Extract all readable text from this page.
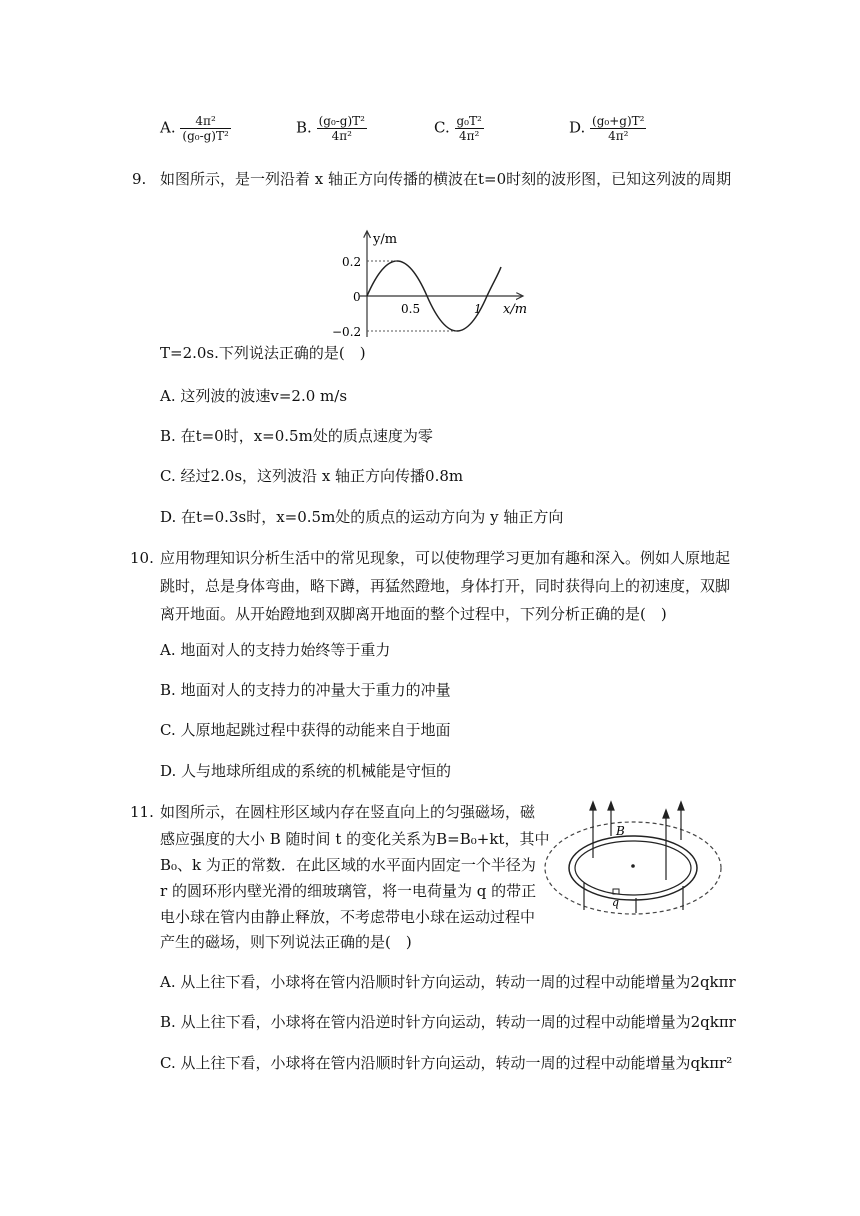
A. $\frac{\text{4π²}}{\text{(g₀-g)T²}}$	B. $\frac{\text{(g₀-g)T²}}{\text{4π²}}$	C. $\frac{\text{g₀T²}}{\text{4π²}}$	D. $\frac{\text{(g₀+g)T²}}{\text{4π²}}$
9. 如图所示，是一列沿着 x 轴正方向传播的横波在t=0时刻的波形图，已知这列波的周期
y/m
x/m
0.2
0
−0.2
0.5	1
T=2.0s.下列说法正确的是(　)
A. 这列波的波速v=2.0 m/s
B. 在t=0时，x=0.5m处的质点速度为零
C. 经过2.0s，这列波沿 x 轴正方向传播0.8m
D. 在t=0.3s时，x=0.5m处的质点的运动方向为 y 轴正方向
10. 应用物理知识分析生活中的常见现象，可以使物理学习更加有趣和深入。例如人原地起
跳时，总是身体弯曲，略下蹲，再猛然蹬地，身体打开，同时获得向上的初速度，双脚
离开地面。从开始蹬地到双脚离开地面的整个过程中，下列分析正确的是(　)
A. 地面对人的支持力始终等于重力
B. 地面对人的支持力的冲量大于重力的冲量
C. 人原地起跳过程中获得的动能来自于地面
D. 人与地球所组成的系统的机械能是守恒的
11. 如图所示，在圆柱形区域内存在竖直向上的匀强磁场，磁
感应强度的大小 B 随时间 t 的变化关系为B=B₀+kt，其中
B₀、k 为正的常数．在此区域的水平面内固定一个半径为
r 的圆环形内壁光滑的细玻璃管，将一电荷量为 q 的带正
电小球在管内由静止释放，不考虑带电小球在运动过程中
产生的磁场，则下列说法正确的是(　)
B
q
A. 从上往下看，小球将在管内沿顺时针方向运动，转动一周的过程中动能增量为2qkπr
B. 从上往下看，小球将在管内沿逆时针方向运动，转动一周的过程中动能增量为2qkπr
C. 从上往下看，小球将在管内沿顺时针方向运动，转动一周的过程中动能增量为qkπr²
